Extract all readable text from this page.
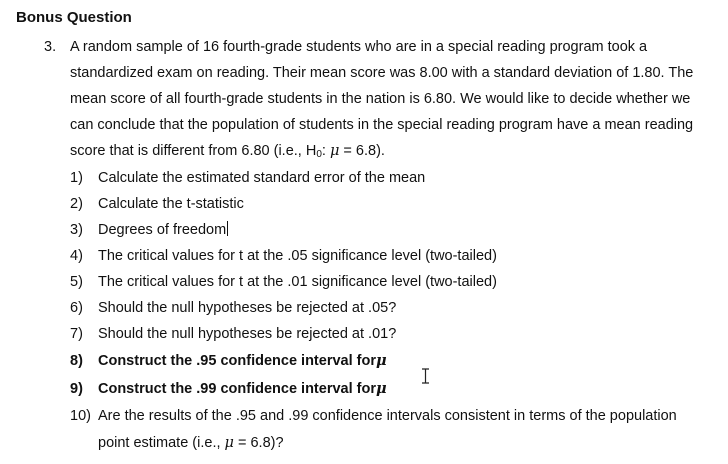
Bonus Question
3. A random sample of 16 fourth-grade students who are in a special reading program took a
standardized exam on reading. Their mean score was 8.00 with a standard deviation of 1.80. The
mean score of all fourth-grade students in the nation is 6.80. We would like to decide whether we
can conclude that the population of students in the special reading program have a mean reading
score that is different from 6.80 (i.e., $H_0$: μ = 6.8).
1) Calculate the estimated standard error of the mean
2) Calculate the t-statistic
3) Degrees of freedom
4) The critical values for t at the .05 significance level (two-tailed)
5) The critical values for t at the .01 significance level (two-tailed)
6) Should the null hypotheses be rejected at .05?
7) Should the null hypotheses be rejected at .01?
8) Construct the .95 confidence interval forμ
9) Construct the .99 confidence interval forμ
10) Are the results of the .95 and .99 confidence intervals consistent in terms of the population
point estimate (i.e., μ = 6.8)?
